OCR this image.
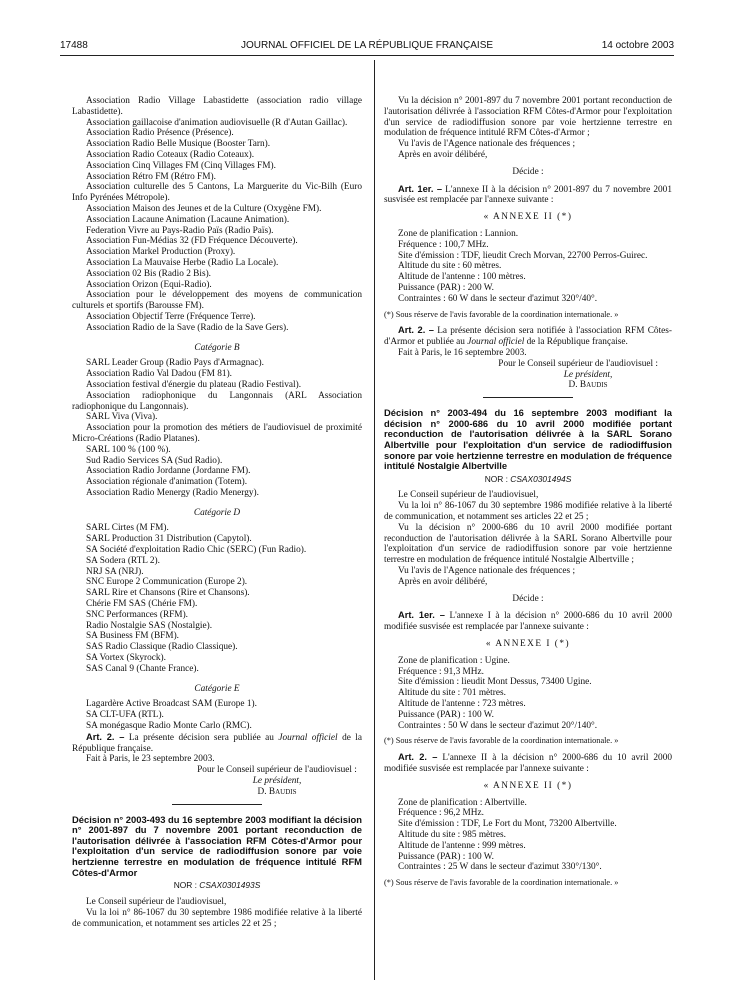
17488	JOURNAL OFFICIEL DE LA RÉPUBLIQUE FRANÇAISE	14 octobre 2003

Association Radio Village Labastidette (association radio village Labastidette).

Association gaillacoise d'animation audiovisuelle (R d'Autan Gaillac).

Association Radio Présence (Présence).

Association Radio Belle Musique (Booster Tarn).

Association Radio Coteaux (Radio Coteaux).

Association Cinq Villages FM (Cinq Villages FM).

Association Rétro FM (Rétro FM).

Association culturelle des 5 Cantons, La Marguerite du Vic-Bilh (Euro Info Pyrénées Métropole).

Association Maison des Jeunes et de la Culture (Oxygène FM).

Association Lacaune Animation (Lacaune Animation).

Federation Vivre au Pays-Radio Païs (Radio Païs).

Association Fun-Médias 32 (FD Fréquence Découverte).

Association Markel Production (Proxy).

Association La Mauvaise Herbe (Radio La Locale).

Association 02 Bis (Radio 2 Bis).

Association Orizon (Equi-Radio).

Association pour le développement des moyens de communication culturels et sportifs (Barousse FM).

Association Objectif Terre (Fréquence Terre).

Association Radio de la Save (Radio de la Save Gers).

Catégorie B

SARL Leader Group (Radio Pays d'Armagnac).

Association Radio Val Dadou (FM 81).

Association festival d'énergie du plateau (Radio Festival).

Association radiophonique du Langonnais (ARL Association radiophonique du Langonnais).

SARL Viva (Viva).

Association pour la promotion des métiers de l'audiovisuel de proximité Micro-Créations (Radio Platanes).

SARL 100 % (100 %).

Sud Radio Services SA (Sud Radio).

Association Radio Jordanne (Jordanne FM).

Association régionale d'animation (Totem).

Association Radio Menergy (Radio Menergy).

Catégorie D

SARL Cirtes (M FM).

SARL Production 31 Distribution (Capytol).

SA Société d'exploitation Radio Chic (SERC) (Fun Radio).

SA Sodera (RTL 2).

NRJ SA (NRJ).

SNC Europe 2 Communication (Europe 2).

SARL Rire et Chansons (Rire et Chansons).

Chérie FM SAS (Chérie FM).

SNC Performances (RFM).

Radio Nostalgie SAS (Nostalgie).

SA Business FM (BFM).

SAS Radio Classique (Radio Classique).

SA Vortex (Skyrock).

SAS Canal 9 (Chante France).

Catégorie E

Lagardère Active Broadcast SAM (Europe 1).

SA CLT-UFA (RTL).

SA monégasque Radio Monte Carlo (RMC).

Art. 2. – La présente décision sera publiée au Journal officiel de la République française.

Fait à Paris, le 23 septembre 2003.

Pour le Conseil supérieur de l'audiovisuel :

Le président,

D. Baudis

Décision n° 2003-493 du 16 septembre 2003 modifiant la décision n° 2001-897 du 7 novembre 2001 portant reconduction de l'autorisation délivrée à l'association RFM Côtes-d'Armor pour l'exploitation d'un service de radiodiffusion sonore par voie hertzienne terrestre en modulation de fréquence intitulé RFM Côtes-d'Armor

NOR : CSAX0301493S

Le Conseil supérieur de l'audiovisuel,

Vu la loi n° 86-1067 du 30 septembre 1986 modifiée relative à la liberté de communication, et notamment ses articles 22 et 25 ;

Vu la décision n° 2001-897 du 7 novembre 2001 portant reconduction de l'autorisation délivrée à l'association RFM Côtes-d'Armor pour l'exploitation d'un service de radiodiffusion sonore par voie hertzienne terrestre en modulation de fréquence intitulé RFM Côtes-d'Armor ;

Vu l'avis de l'Agence nationale des fréquences ;

Après en avoir délibéré,

Décide :

Art. 1er. – L'annexe II à la décision n° 2001-897 du 7 novembre 2001 susvisée est remplacée par l'annexe suivante :

« ANNEXE II (*)

Zone de planification : Lannion.

Fréquence : 100,7 MHz.

Site d'émission : TDF, lieudit Crech Morvan, 22700 Perros-Guirec.

Altitude du site : 60 mètres.

Altitude de l'antenne : 100 mètres.

Puissance (PAR) : 200 W.

Contraintes : 60 W dans le secteur d'azimut 320°/40°.

(*) Sous réserve de l'avis favorable de la coordination internationale. »

Art. 2. – La présente décision sera notifiée à l'association RFM Côtes-d'Armor et publiée au Journal officiel de la République française.

Fait à Paris, le 16 septembre 2003.

Pour le Conseil supérieur de l'audiovisuel :

Le président,

D. Baudis

Décision n° 2003-494 du 16 septembre 2003 modifiant la décision n° 2000-686 du 10 avril 2000 modifiée portant reconduction de l'autorisation délivrée à la SARL Sorano Albertville pour l'exploitation d'un service de radiodiffusion sonore par voie hertzienne terrestre en modulation de fréquence intitulé Nostalgie Albertville

NOR : CSAX0301494S

Le Conseil supérieur de l'audiovisuel,

Vu la loi n° 86-1067 du 30 septembre 1986 modifiée relative à la liberté de communication, et notamment ses articles 22 et 25 ;

Vu la décision n° 2000-686 du 10 avril 2000 modifiée portant reconduction de l'autorisation délivrée à la SARL Sorano Albertville pour l'exploitation d'un service de radiodiffusion sonore par voie hertzienne terrestre en modulation de fréquence intitulé Nostalgie Albertville ;

Vu l'avis de l'Agence nationale des fréquences ;

Après en avoir délibéré,

Décide :

Art. 1er. – L'annexe I à la décision n° 2000-686 du 10 avril 2000 modifiée susvisée est remplacée par l'annexe suivante :

« ANNEXE I (*)

Zone de planification : Ugine.

Fréquence : 91,3 MHz.

Site d'émission : lieudit Mont Dessus, 73400 Ugine.

Altitude du site : 701 mètres.

Altitude de l'antenne : 723 mètres.

Puissance (PAR) : 100 W.

Contraintes : 50 W dans le secteur d'azimut 20°/140°.

(*) Sous réserve de l'avis favorable de la coordination internationale. »

Art. 2. – L'annexe II à la décision n° 2000-686 du 10 avril 2000 modifiée susvisée est remplacée par l'annexe suivante :

« ANNEXE II (*)

Zone de planification : Albertville.

Fréquence : 96,2 MHz.

Site d'émission : TDF, Le Fort du Mont, 73200 Albertville.

Altitude du site : 985 mètres.

Altitude de l'antenne : 999 mètres.

Puissance (PAR) : 100 W.

Contraintes : 25 W dans le secteur d'azimut 330°/130°.

(*) Sous réserve de l'avis favorable de la coordination internationale. »
